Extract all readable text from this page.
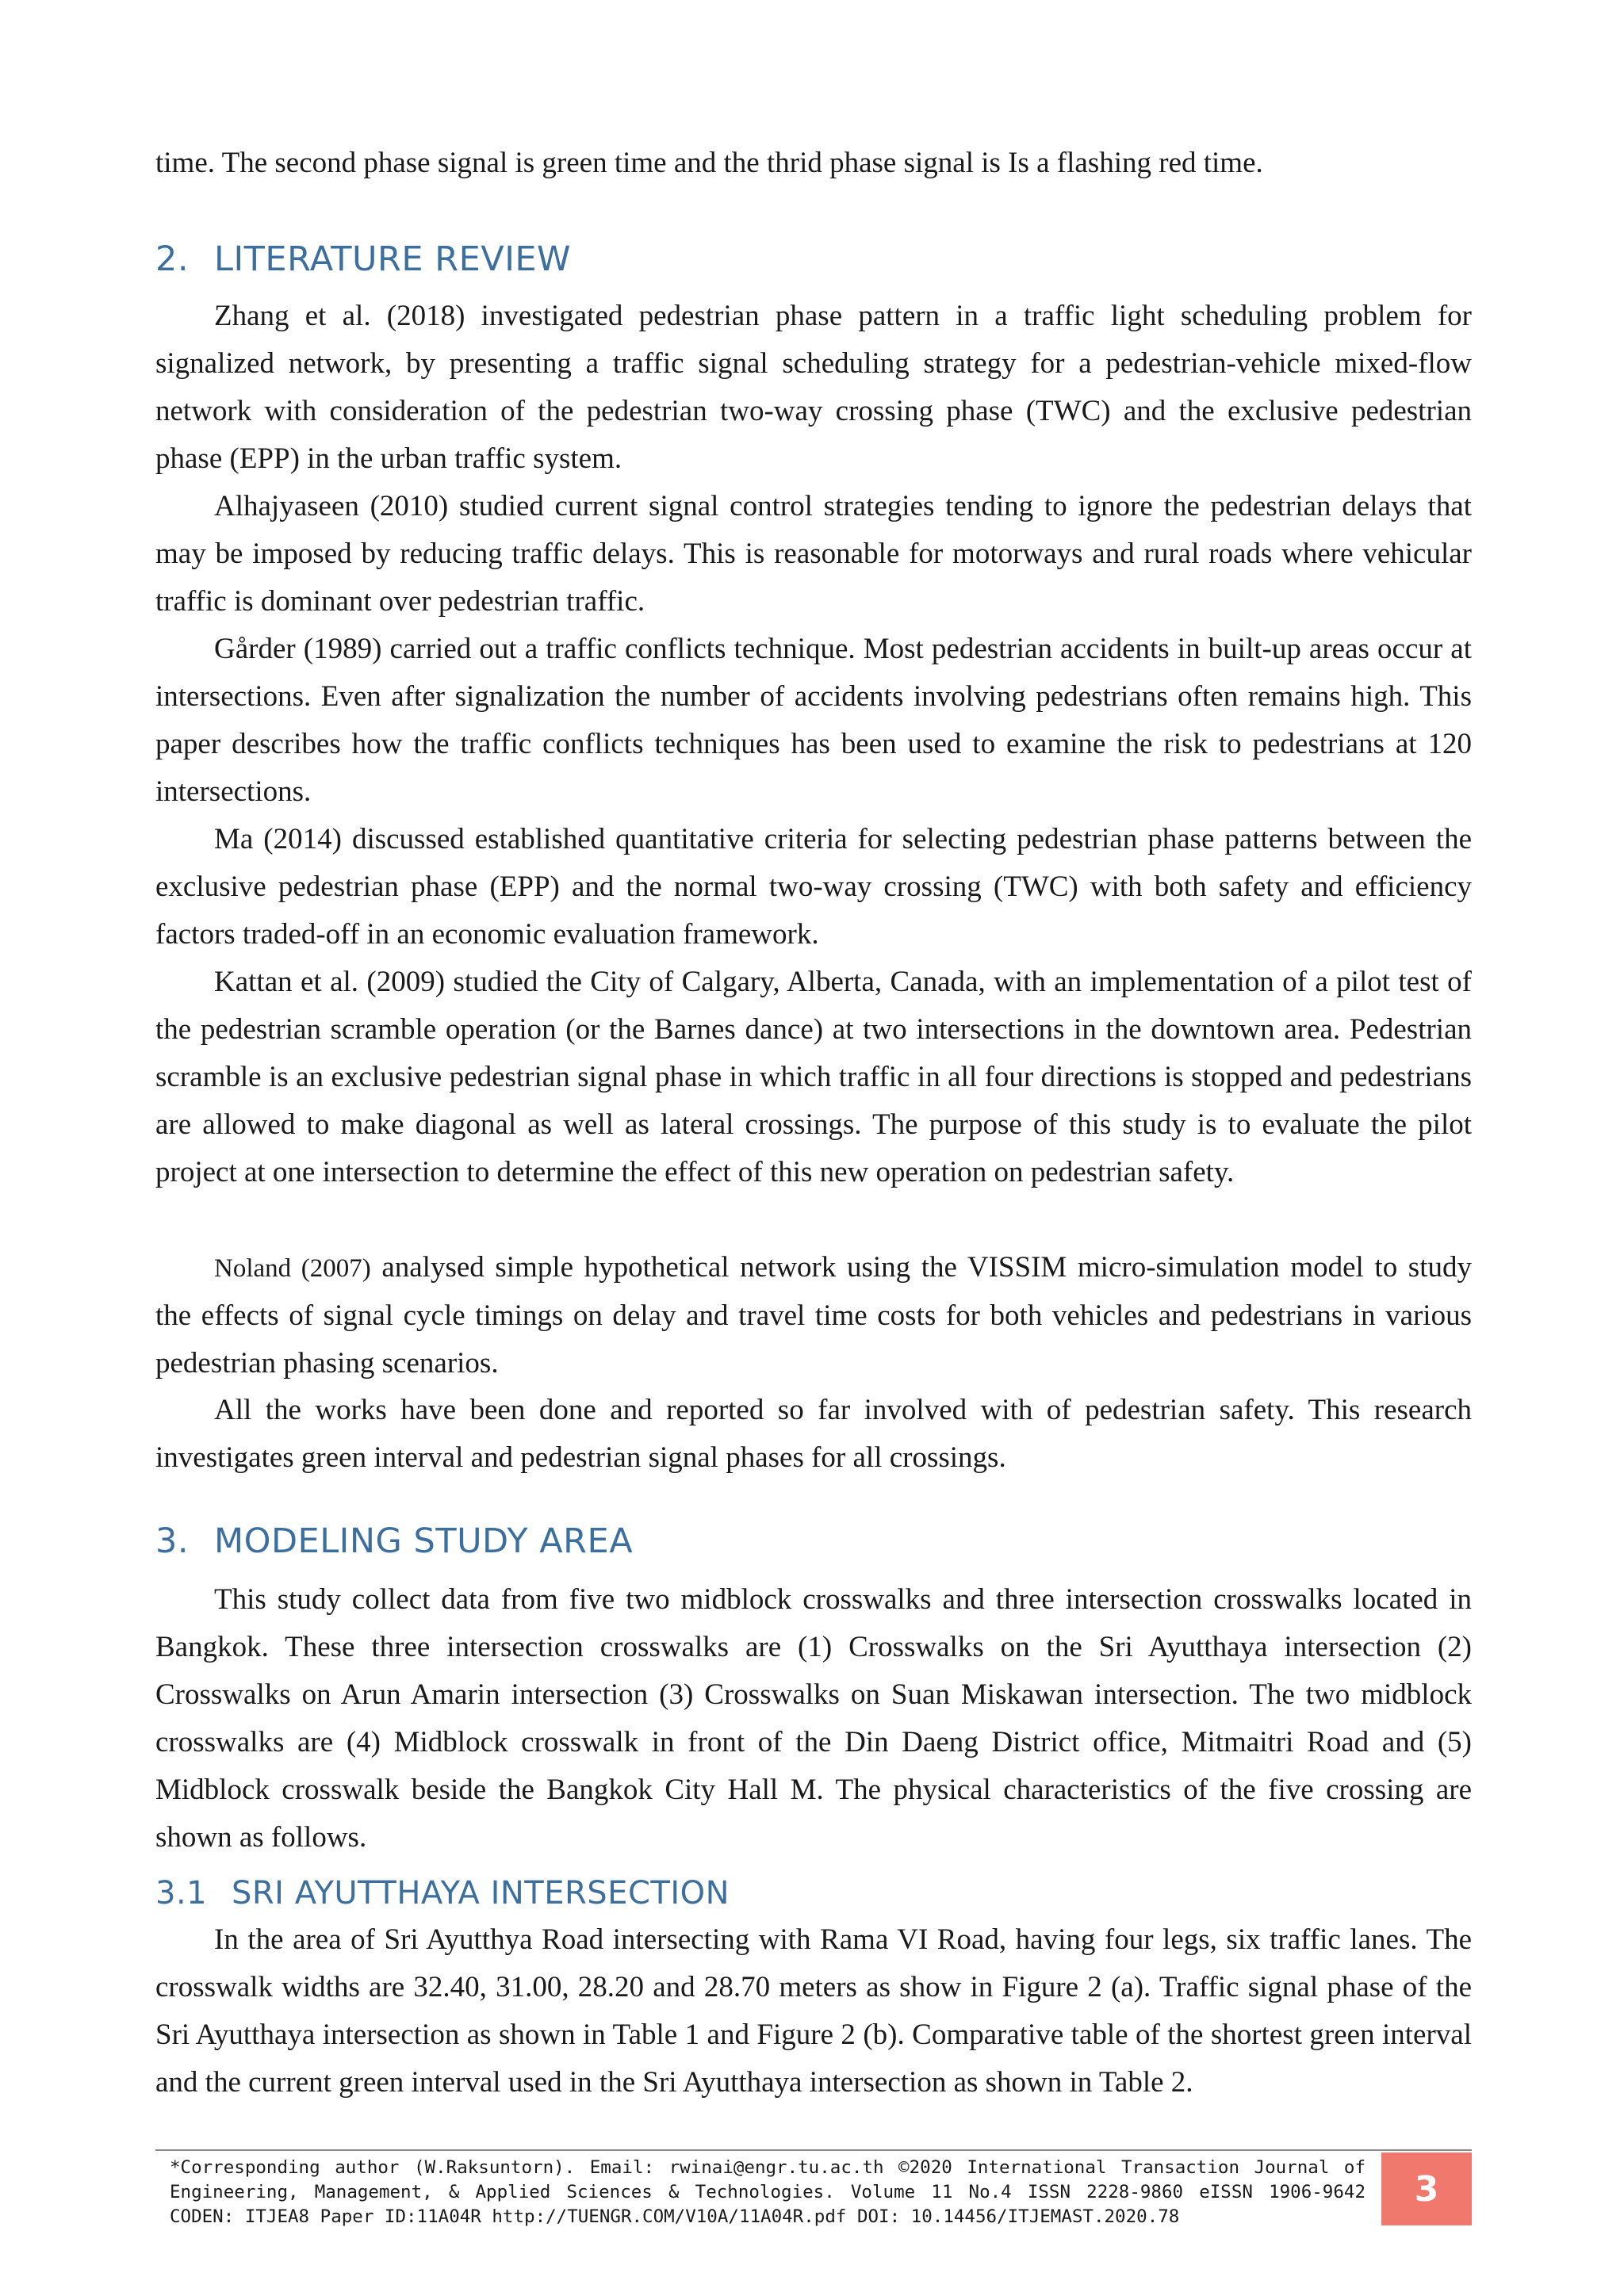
time. The second phase signal is green time and the thrid phase signal is Is a flashing red time.

2. LITERATURE REVIEW

Zhang et al. (2018) investigated pedestrian phase pattern in a traffic light scheduling problem for signalized network, by presenting a traffic signal scheduling strategy for a pedestrian-vehicle mixed-flow network with consideration of the pedestrian two-way crossing phase (TWC) and the exclusive pedestrian phase (EPP) in the urban traffic system.

Alhajyaseen (2010) studied current signal control strategies tending to ignore the pedestrian delays that may be imposed by reducing traffic delays. This is reasonable for motorways and rural roads where vehicular traffic is dominant over pedestrian traffic.

Gårder (1989) carried out a traffic conflicts technique. Most pedestrian accidents in built-up areas occur at intersections. Even after signalization the number of accidents involving pedestrians often remains high. This paper describes how the traffic conflicts techniques has been used to examine the risk to pedestrians at 120 intersections.

Ma (2014) discussed established quantitative criteria for selecting pedestrian phase patterns between the exclusive pedestrian phase (EPP) and the normal two-way crossing (TWC) with both safety and efficiency factors traded-off in an economic evaluation framework.

Kattan et al. (2009) studied the City of Calgary, Alberta, Canada, with an implementation of a pilot test of the pedestrian scramble operation (or the Barnes dance) at two intersections in the downtown area. Pedestrian scramble is an exclusive pedestrian signal phase in which traffic in all four directions is stopped and pedestrians are allowed to make diagonal as well as lateral crossings. The purpose of this study is to evaluate the pilot project at one intersection to determine the effect of this new operation on pedestrian safety.

Noland (2007) analysed simple hypothetical network using the VISSIM micro-simulation model to study the effects of signal cycle timings on delay and travel time costs for both vehicles and pedestrians in various pedestrian phasing scenarios.

All the works have been done and reported so far involved with of pedestrian safety. This research investigates green interval and pedestrian signal phases for all crossings.

3. MODELING STUDY AREA

This study collect data from five two midblock crosswalks and three intersection crosswalks located in Bangkok. These three intersection crosswalks are (1) Crosswalks on the Sri Ayutthaya intersection (2) Crosswalks on Arun Amarin intersection (3) Crosswalks on Suan Miskawan intersection. The two midblock crosswalks are (4) Midblock crosswalk in front of the Din Daeng District office, Mitmaitri Road and (5) Midblock crosswalk beside the Bangkok City Hall M. The physical characteristics of the five crossing are shown as follows.

3.1 SRI AYUTTHAYA INTERSECTION

In the area of Sri Ayutthya Road intersecting with Rama VI Road, having four legs, six traffic lanes. The crosswalk widths are 32.40, 31.00, 28.20 and 28.70 meters as show in Figure 2 (a). Traffic signal phase of the Sri Ayutthaya intersection as shown in Table 1 and Figure 2 (b). Comparative table of the shortest green interval and the current green interval used in the Sri Ayutthaya intersection as shown in Table 2.

*Corresponding author (W.Raksuntorn). Email: rwinai@engr.tu.ac.th ©2020 International Transaction Journal of Engineering, Management, & Applied Sciences & Technologies. Volume 11 No.4 ISSN 2228-9860 eISSN 1906-9642 CODEN: ITJEA8 Paper ID:11A04R http://TUENGR.COM/V10A/11A04R.pdf DOI: 10.14456/ITJEMAST.2020.78

3
